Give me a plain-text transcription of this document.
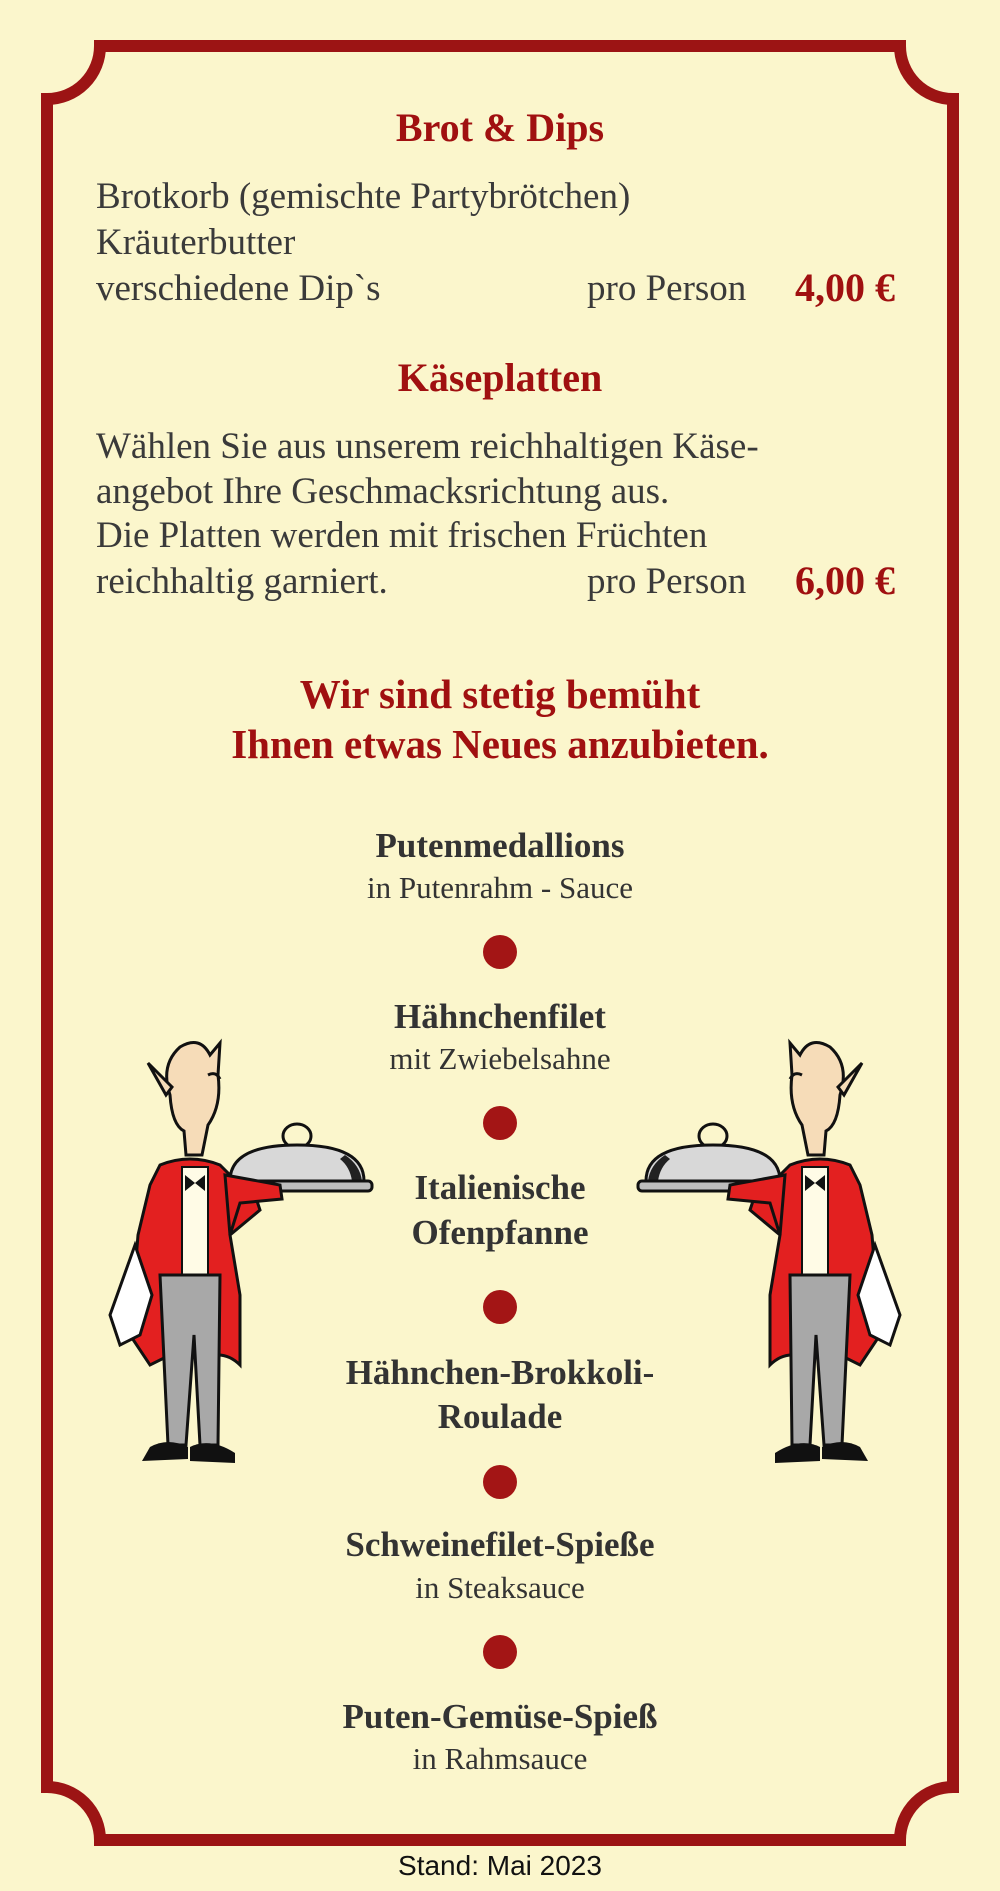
Brot & Dips
Brotkorb (gemischte Partybrötchen)
Kräuterbutter
verschiedene Dip`s	pro Person 4,00 €
Käseplatten
Wählen Sie aus unserem reichhaltigen Käse-
angebot Ihre Geschmacksrichtung aus.
Die Platten werden mit frischen Früchten
reichhaltig garniert.	pro Person 6,00 €
Wir sind stetig bemüht
Ihnen etwas Neues anzubieten.
Putenmedallions
in Putenrahm - Sauce
Hähnchenfilet
mit Zwiebelsahne
Italienische
Ofenpfanne
Hähnchen-Brokkoli-
Roulade
Schweinefilet-Spieße
in Steaksauce
Puten-Gemüse-Spieß
in Rahmsauce
Stand: Mai 2023
